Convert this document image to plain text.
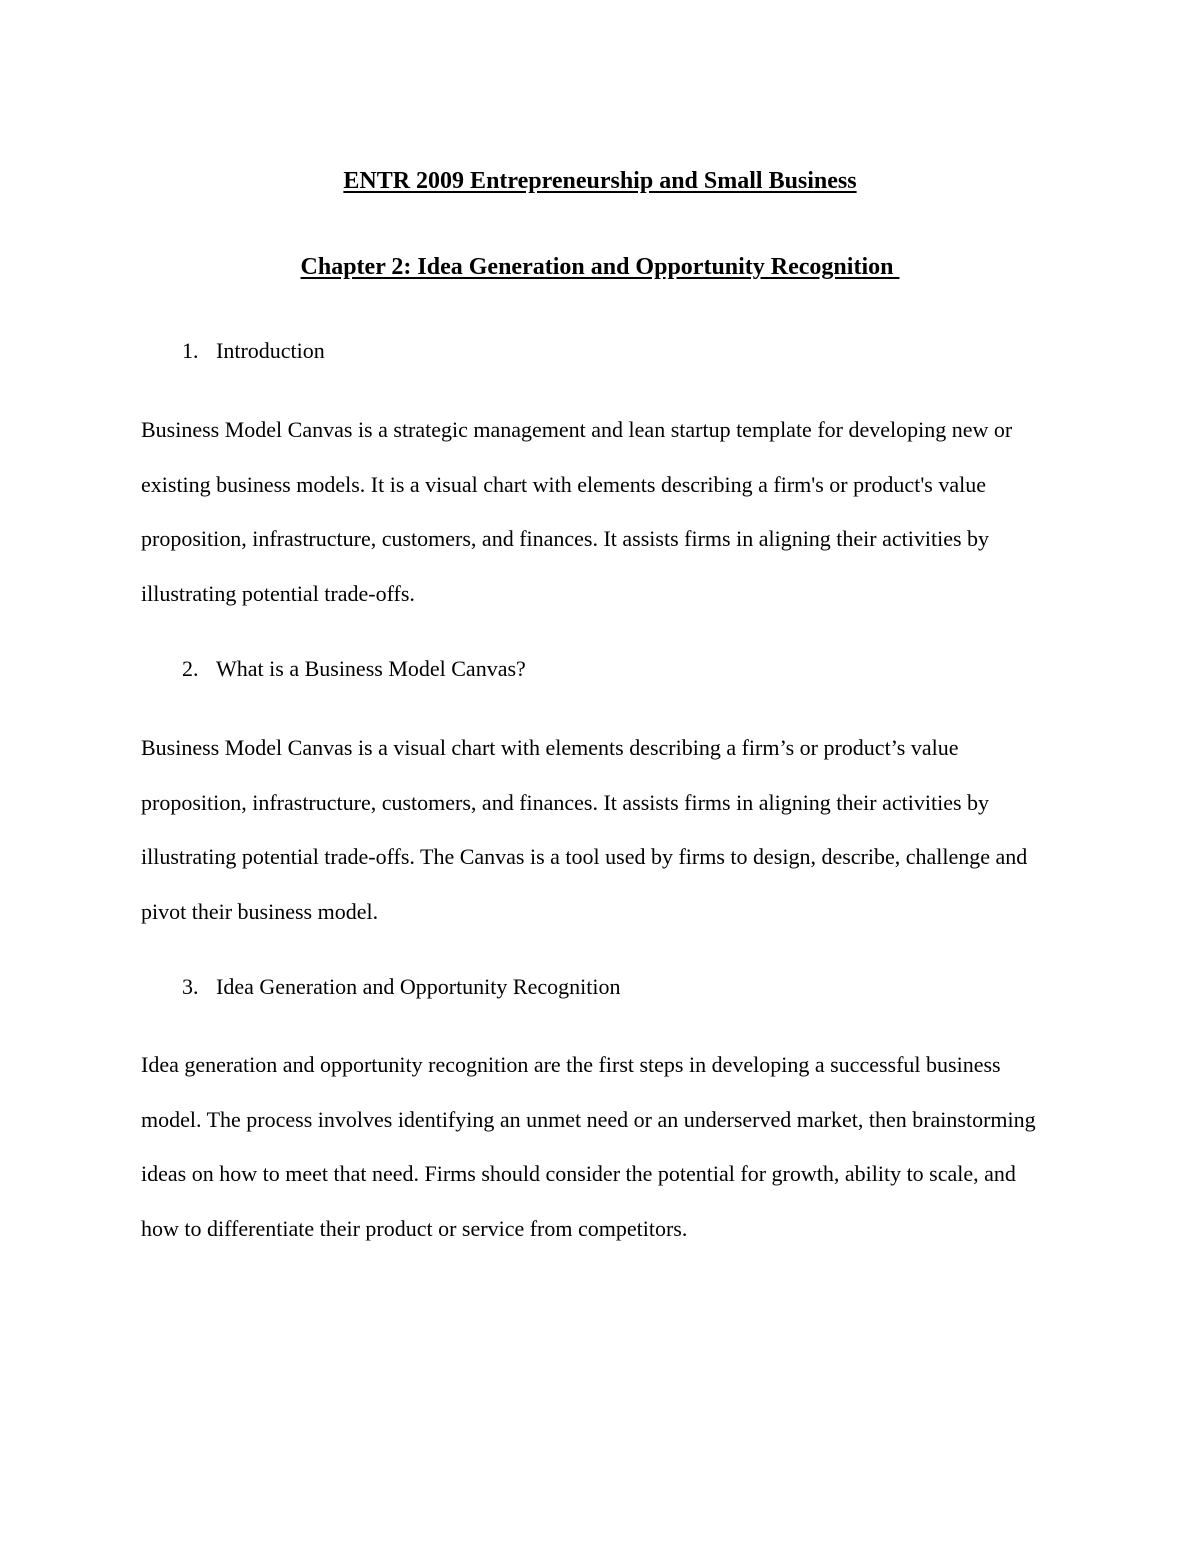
ENTR 2009 Entrepreneurship and Small Business
Chapter 2: Idea Generation and Opportunity Recognition
1. Introduction

Business Model Canvas is a strategic management and lean startup template for developing new or existing business models. It is a visual chart with elements describing a firm's or product's value proposition, infrastructure, customers, and finances. It assists firms in aligning their activities by illustrating potential trade-offs.

2. What is a Business Model Canvas?

Business Model Canvas is a visual chart with elements describing a firm’s or product’s value proposition, infrastructure, customers, and finances. It assists firms in aligning their activities by illustrating potential trade-offs. The Canvas is a tool used by firms to design, describe, challenge and pivot their business model.

3. Idea Generation and Opportunity Recognition

Idea generation and opportunity recognition are the first steps in developing a successful business model. The process involves identifying an unmet need or an underserved market, then brainstorming ideas on how to meet that need. Firms should consider the potential for growth, ability to scale, and how to differentiate their product or service from competitors.
